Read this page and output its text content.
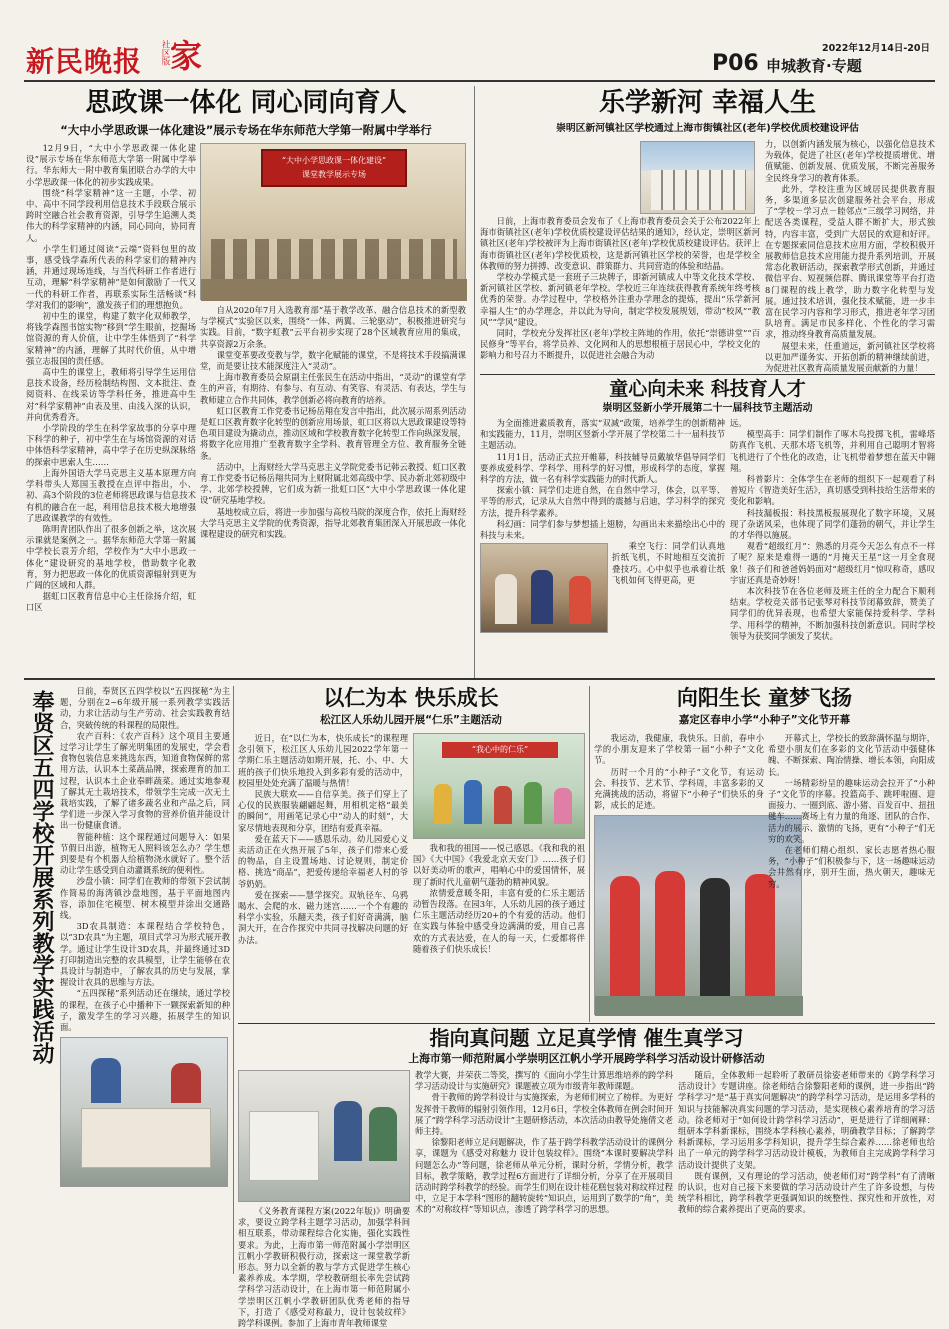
新民晚报	社区版 家	2022年12月14日-20日
P06 申城教育·专题
思政课一体化 同心同向育人
“大中小学思政课一体化建设”展示专场在华东师范大学第一附属中学举行

12月9日，“大中小学思政课一体化建设”展示专场在华东师范大学第一附属中学举行。华东师大一附中教育集团联合办学的大中小学思政课一体化的初步实践成果。

围绕“科学家精神”这一主题，小学、初中、高中不同学段利用信息技术手段联合展示跨时空融合社会教育资源，引导学生追溯人类伟大的科学家精神的内涵，同心同向，协同育人。

小学生们通过阅读“云端”资料包里的故事，感受钱学森所代表的科学家们的精神内涵，并通过现场连线，与当代科研工作者进行互动，理解“科学家精神”是如何激励了一代又一代的科研工作者，再联系实际生活畅谈“科学对我们的影响”，激发孩子们的理想抱负。

初中生的课堂，构建了数字化双师教学，将钱学森图书馆实物“移到”学生眼前，挖掘场馆资源的育人价值，让中学生体悟到了“科学家精神”的内涵，理解了其时代价值，从中增强立志报国的责任感。

高中生的课堂上，教师将引导学生运用信息技术设备，经历检制结构图、文本批注、查阅资料、在线采访等学科任务，推进高中生对“科学家精神”由表及里、由浅入深的认识，并向优秀看齐。

小学阶段的学生在科学家故事的分享中理下科学的种子，初中学生在与场馆资源的对话中体悟科学家精神，高中学子在历史纵深脉络的探索中思索人生……

上海外国语大学马克思主义基本原理方向学科带头人郑国玉教授在点评中指出，小、初、高3个阶段的3位老师将思政课与信息技术有机的融合在一起，利用信息技术极大地增强了思政课教学的有效性。

陈明青团队作出了很多创新之举，这次展示课就是案例之一。据华东师范大学第一附属中学校长袁芳介绍，学校作为“大中小思政一体化”建设研究的基地学校，借助数字化教育，努力把思政一体化的优质资源辐射到更为广阔的区域和人群。

据虹口区教育信息中心主任徐扬介绍，虹口区

“大中小学思政课一体化建设”
课堂教学展示专场

自从2020年7月入选教育部“基于教学改革、融合信息技术的新型教与学模式”实验区以来，围绕“一体、两翼、三轮驱动”，积极推进研究与实践。目前，“数字虹教”云平台初步实现了28个区域教育应用的集成，共享资源2万余条。

课堂变革要改变教与学，数字化赋能的课堂，不是将技术手段搞满课堂，而是要让技术能深度注入“灵动”。

上海市教育委员会原副主任张民生在活动中指出，“灵动”的课堂有学生的声音，有期待、有参与、有互动、有笑容、有灵活、有表达，学生与教师建立合作共同体，教学创新必将向教育的培养。

虹口区教育工作党委书记杨岳翔在发言中指出，此次展示周系列活动是虹口区教育数字化转型的创新应用场景，虹口区将以大思政课建设等特色项目建设为撬动点，推动区域和学校教育数字化转型工作向纵深发展，将数字化应用推广至教育数字全学科、教育管理全方位、教育服务全链条。

活动中，上海财经大学马克思主义学院党委书记韩云教授、虹口区教育工作党委书记杨岳翔共同为上财附属北郊高级中学、民办新北郊初级中学、北郊学校授牌，它们成为新一批虹口区“大中小学思政课一体化建设”研究基地学校。

基地校成立后，将进一步加强与高校马院的深度合作，依托上海财经大学马克思主义学院的优秀资源，指导北郊教育集团深入开展思政一体化课程建设的研究和实践。

乐学新河 幸福人生
崇明区新河镇社区学校通过上海市街镇社区(老年)学校优质校建设评估

日前，上海市教育委员会发布了《上海市教育委员会关于公布2022年上海市街镇社区(老年)学校优质校建设评估结果的通知》，经认定，崇明区新河镇社区(老年)学校被评为上海市街镇社区(老年)学校优质校建设评估。获评上海市街镇社区(老年)学校优质校，这是新河镇社区学校的荣誉，也是学校全体教师的努力拼搏、改变意识、群策群力、共同营造的体验和结晶。

学校办学模式是一套班子三块牌子，即新河镇成人中等文化技术学校、新河镇社区学校、新河镇老年学校。学校近三年连续获得教育系统年终考核优秀的荣誉。办学过程中，学校格外注重办学理念的提炼，提出“乐学新河 幸福人生”的办学理念，并以此为导向，制定学校发展规划，带动“校风”“教风”“学风”建设。

同时，学校充分发挥社区(老年)学校主阵地的作用，依托“崇德讲堂”“百民修身”等平台，将学员养、文化网和人的思想根植于居民心中，学校文化的影响力和号召力不断提升，以促进社会融合为动

力，以创新内涵发展为核心，以强化信息技术为载体，促进了社区(老年)学校提质增优、增值赋能、创新发展、优质发展，不断完善服务全民终身学习的教育体系。

此外，学校注重为区域居民提供教育服务，多渠道多层次创建服务社会平台，形成了“学校－学习点－睦邻点”三级学习网络，并配送各类课程，受益人群不断扩大，形式独特，内容丰富，受到广大居民的欢迎和好评。在专题探索同信息技术应用方面，学校积极开展教师信息技术应用能力提升系列培训，开展常态化教研活动，探索教学形式创新，并通过微信平台、短视频信群、腾讯课堂等平台打造8门课程的线上教学，助力数字化转型与发展。通过技术培训，强化技术赋能，进一步丰富在民学习内容和学习形式，推进老年学习团队培育。满足市民多样化、个性化的学习需求，推动终身教育高质量发展。

展望未来，任重道远，新河镇社区学校将以更加严谨务实、开拓创新的精神继续前进，为促进社区教育高质量发展贡献新的力量！

童心向未来 科技育人才
崇明区竖新小学开展第二十一届科技节主题活动

为全面推进素质教育，落实“双减”政策，培养学生的创新精神和实践能力，11月，崇明区竖新小学开展了学校第二十一届科技节主题活动。

11月1日，活动正式拉开帷幕，科技辅导员戴敏华倡导同学们要养成爱科学、学科学、用科学的好习惯，形成科学的态度，掌握科学的方法，做一名有科学实践能力的时代新人。

探索小镇：同学们走进自然，在自然中学习，体会，以平等、平等的形式，记录从大自然中得到的震撼与启迪，学习科学的探究方法，提升科学素养。

科幻画：同学们参与梦想插上翅膀，勾画出未来描绘出心中的科技与未来。

乘空飞行：同学们认真地折纸飞机，不时地相互交流折叠技巧。心中似乎也承着让纸飞机如何飞得更高，更

远。

模型高手：同学们制作了啄木鸟投掷飞机，雷峰塔防真作飞机、天那木塔飞机等，并利用自己聪明才智将飞机进行了个性化的改造，让飞机带着梦想在蓝天中翱翔。

科普影片：全体学生在老师的组织下一起观看了科普短片《智造美好生活》，真切感受到科技给生活带来的变化和影响。

科技漏板报：科技黑板报展现化了数字环境，又展现了杂诺风采，也体现了同学们蓬勃的朝气，并让学生的才华得以施展。

观看“超级红月”：熟悉的月亮今天怎么有点不一样了呢？原来是难得一遇的“月掩天王星”这一月全食现象！孩子们和爸爸妈妈面对“超级红月”惊叹称奇，感叹宇宙还真是奇妙呀！

本次科技节在各位老师及班主任的全力配合下顺利结束。学校竞关部书记张琴对科技节闭幕致辞，赞美了同学们的优异表现，也希望大家能保持爱科学、学科学、用科学的精神，不断加强科技创新意识。同时学校领导为获奖同学颁发了奖状。

奉贤区五四学校开展系列教学实践活动	日前，奉贤区五四学校以“五四探秘”为主题，分别在2~6年级开展一系列教学实践活动，力求让活动与生产劳动、社会实践教育结合，突破传统的科课程的局限性。

农产百科：《农产百科》这个项目主要通过学习让学生了解光明集团的发展史，学会看食物包装信息来挑选东西，知道食物保鲜的常用方法，认识本土菜蔬品牌，探索理育的加工过程，认识本土企业奉畔蔬菜。通过实地参观了解其无土栽培技术，带领学生完成一次无土栽培实践，了解了诸多蔬名业和产品之后，同学们进一步深入学习食物的营养价值并能设计出一份健康食谱。

智能种植：这个课程通过问题导入：如果节假日出游，植物无人照料该怎么办？学生想到要是有个机器人给植物浇水就好了。整个活动让学生感受到自动灌溉系统的便利性。

沙盘小镇：同学们在教师的带领下尝试制作简易的海湾镇沙盘地图，基于平面地图内容，添加住宅模型、树木模型并涂出交通路线。

3D农具制造：本课程结合学校特色，以“3D农具”为主题，项目式学习为形式展开教学。通过让学生设计3D农具，并最终通过3D打印制造出完整的农具模型，让学生能够在农具设计与制造中，了解农具的历史与发展，掌握设计农具的思维与方法。

“五四探秘”系列活动还在继续，通过学校的课程，在孩子心中播种下一颗探索新知的种子，激发学生的学习兴趣，拓展学生的知识面。

以仁为本 快乐成长
松江区人乐幼儿园开展“仁乐”主题活动

近日，在“以仁为本，快乐成长”的课程理念引领下，松江区人乐幼儿园2022学年第一学期仁乐主题活动如期开展，托、小、中、大班的孩子们快乐地投入到多彩有爱的活动中，校园里处处充满了温暖与热情！

民族大联欢——自信享美。孩子们穿上了心仪的民族服装翩翩起舞，用相机定格“最美的瞬间”，用画笔记录心中“动人的时刻”，大家尽情地表现和分享，团结有爱真幸福。

爱在蓝天下——感恩乐动。幼儿园爱心义卖活动正在火热开展了5年，孩子们带来心爱的物品，自主设置场地、讨论规则，制定价格、挑选“商品”，把爱传递给幸福老人村的爷爷奶奶。

爱在探索——慧学探究。双轨径车、乌鸦喝水、会爬的水、磁力迷宫……一个个有趣的科学小实验，乐翻天类，孩子们好奇满满，脑洞大开，在合作探究中共同寻找解决问题的好办法。

“我心中的仁乐”

我和我的祖国——悦己感恩。《我和我的祖国》《大中国》《我爱北京天安门》……孩子们以好美动听的歌声，唱响心中的爱国情怀，展现了新时代儿童朝气蓬勃的精神风貌。

浓情爱意暖冬阳，丰富有爱的仁乐主题活动暂告段落。在园3年，人乐幼儿园的孩子通过仁乐主题活动经历20+的个有爱的活动。他们在实践与体验中感受身边满满的爱，用自己喜欢的方式表达爱，在人的每一天，仁爱都将伴随着孩子们快乐成长！

向阳生长 童梦飞扬
嘉定区春申小学“小种子”文化节开幕

我运动，我健康，我快乐。日前，春申小学的小朋友迎来了学校第一届“小种子”文化节。

历时一个月的“小种子”文化节，有运动会、科技节、艺术节、学科周，丰富多彩的又充满挑战的活动，将留下“小种子”们快乐的身影，成长的足迹。

开幕式上，学校长的致辞满怀温与期许，希望小朋友们在多彩的文化节活动中强健体魄、不断探索、陶冶情操、增长本领，向阳成长。

一场精彩纷呈的趣味运动会拉开了“小种子”文化节的序幕。投篮高手、跳呼啦圈、迎面接力、一圈到底、游小猪、百发百中、扭扭毽车……赛场上有力量的角逐、团队的合作、活力的展示、激情的飞扬，更有“小种子”们无穷的欢笑。

在老师们精心组织、家长志愿者热心服务，“小种子”们积极参与下，这一场趣味运动会井然有序，别开生面，热火朝天，趣味无穷。

指向真问题 立足真学情 催生真学习
上海市第一师范附属小学崇明区江帆小学开展跨学科学习活动设计研修活动

《义务教育课程方案(2022年版)》明确要求，要设立跨学科主题学习活动，加强学科间相互联系，带动课程综合化实施，强化实践性要求。为此，上海市第一师范附属小学崇明区江帆小学教研积极行动，探索这一课堂教学新形态。努力以全新的教与学方式促进学生核心素养养成。本学期，学校教研组长率先尝试跨学科学习活动设计，在上海市第一师范附属小学崇明区江帆小学教研团队优秀老师的指导下，打造了《感受对称最力，设计包装纹样》跨学科课例。参加了上海市青年教师课堂

教学大赛，并荣获二等奖，撰写的《面向小学生计算思维培养的跨学科学习活动设计与实施研究》课题被立项为市级青年教师课题。

骨干教师的跨学科设计与实施探索，为老师们树立了榜样。为更好发挥骨干教师的辐射引领作用，12月6日，学校全体教师在例会时间开展了“跨学科学习活动设计”主题研修活动，本次活动由教导处施倩文老师主持。

徐黎阳老师立足问题解决，作了基于跨学科教学活动设计的课例分享，课题为《感受对称魅力 设计包装纹样》。围绕“本课时要解决学科问题怎么办”等问题，徐老师从单元分析，课时分析，学情分析，教学目标，教学策略，教学过程6方面进行了详细分析，分享了在开展项目活动时跨学科教学的经验。而学生们则在设计桂花糕包装对称纹样过程中，立足于本学科“图形的翻转旋转”知识点，运用到了数学的“角”，美术的“对称纹样”等知识点，渗透了跨学科学习的思想。

随后，全体教师一起聆听了教研员徐姿老师带来的《跨学科学习活动设计》专题讲座。徐老师结合徐黎阳老师的课例，进一步指出“跨学科学习”是“基于真实问题解决”的跨学科学习活动，是运用多学科的知识与技能解决真实问题的学习活动，是实现核心素养培育的学习活动。徐老师对于“如何设计跨学科学习活动”，更是进行了详细阐释：组研本学科新课标，围绕本学科核心素养，明确教学目标；了解跨学科新课标，学习运用多学科知识，提升学生综合素养……徐老师也给出了一单元的跨学科学习活动设计模板，为教师自主完成跨学科学习活动设计提供了支架。

既有课例，又有理论的学习活动，使老师们对“跨学科”有了清晰的认识，也对自己接下来要做的学习活动设计产生了许多设想，与传统学科相比，跨学科教学更强调知识的统整性、探究性和开放性，对教师的综合素养提出了更高的要求。
